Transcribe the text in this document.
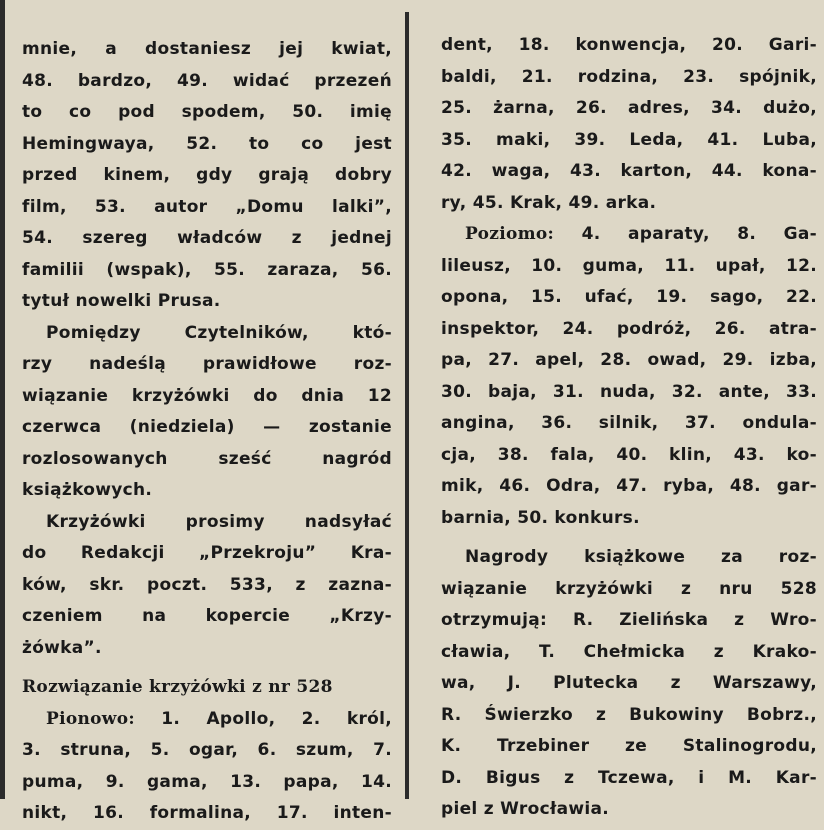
mnie, a dostaniesz jej kwiat,

48. bardzo, 49. widać przezeń

to co pod spodem, 50. imię

Hemingwaya, 52. to co jest

przed kinem, gdy grają dobry

film, 53. autor „Domu lalki”,

54. szereg władców z jednej

familii (wspak), 55. zaraza, 56.

tytuł nowelki Prusa.

Pomiędzy Czytelników, któ-

rzy nadeślą prawidłowe roz-

wiązanie krzyżówki do dnia 12

czerwca (niedziela) — zostanie

rozlosowanych sześć nagród

książkowych.

Krzyżówki prosimy nadsyłać

do Redakcji „Przekroju” Kra-

ków, skr. poczt. 533, z zazna-

czeniem na kopercie „Krzy-

żówka”.

Rozwiązanie krzyżówki z nr 528

Pionowo: 1. Apollo, 2. król,

3. struna, 5. ogar, 6. szum, 7.

puma, 9. gama, 13. papa, 14.

nikt, 16. formalina, 17. inten-

dent, 18. konwencja, 20. Gari-

baldi, 21. rodzina, 23. spójnik,

25. żarna, 26. adres, 34. dużo,

35. maki, 39. Leda, 41. Luba,

42. waga, 43. karton, 44. kona-

ry, 45. Krak, 49. arka.

Poziomo: 4. aparaty, 8. Ga-

lileusz, 10. guma, 11. upał, 12.

opona, 15. ufać, 19. sago, 22.

inspektor, 24. podróż, 26. atra-

pa, 27. apel, 28. owad, 29. izba,

30. baja, 31. nuda, 32. ante, 33.

angina, 36. silnik, 37. ondula-

cja, 38. fala, 40. klin, 43. ko-

mik, 46. Odra, 47. ryba, 48. gar-

barnia, 50. konkurs.

Nagrody książkowe za roz-

wiązanie krzyżówki z nru 528

otrzymują: R. Zielińska z Wro-

cławia, T. Chełmicka z Krako-

wa, J. Plutecka z Warszawy,

R. Świerzko z Bukowiny Bobrz.,

K. Trzebiner ze Stalinogrodu,

D. Bigus z Tczewa, i M. Kar-

piel z Wrocławia.
